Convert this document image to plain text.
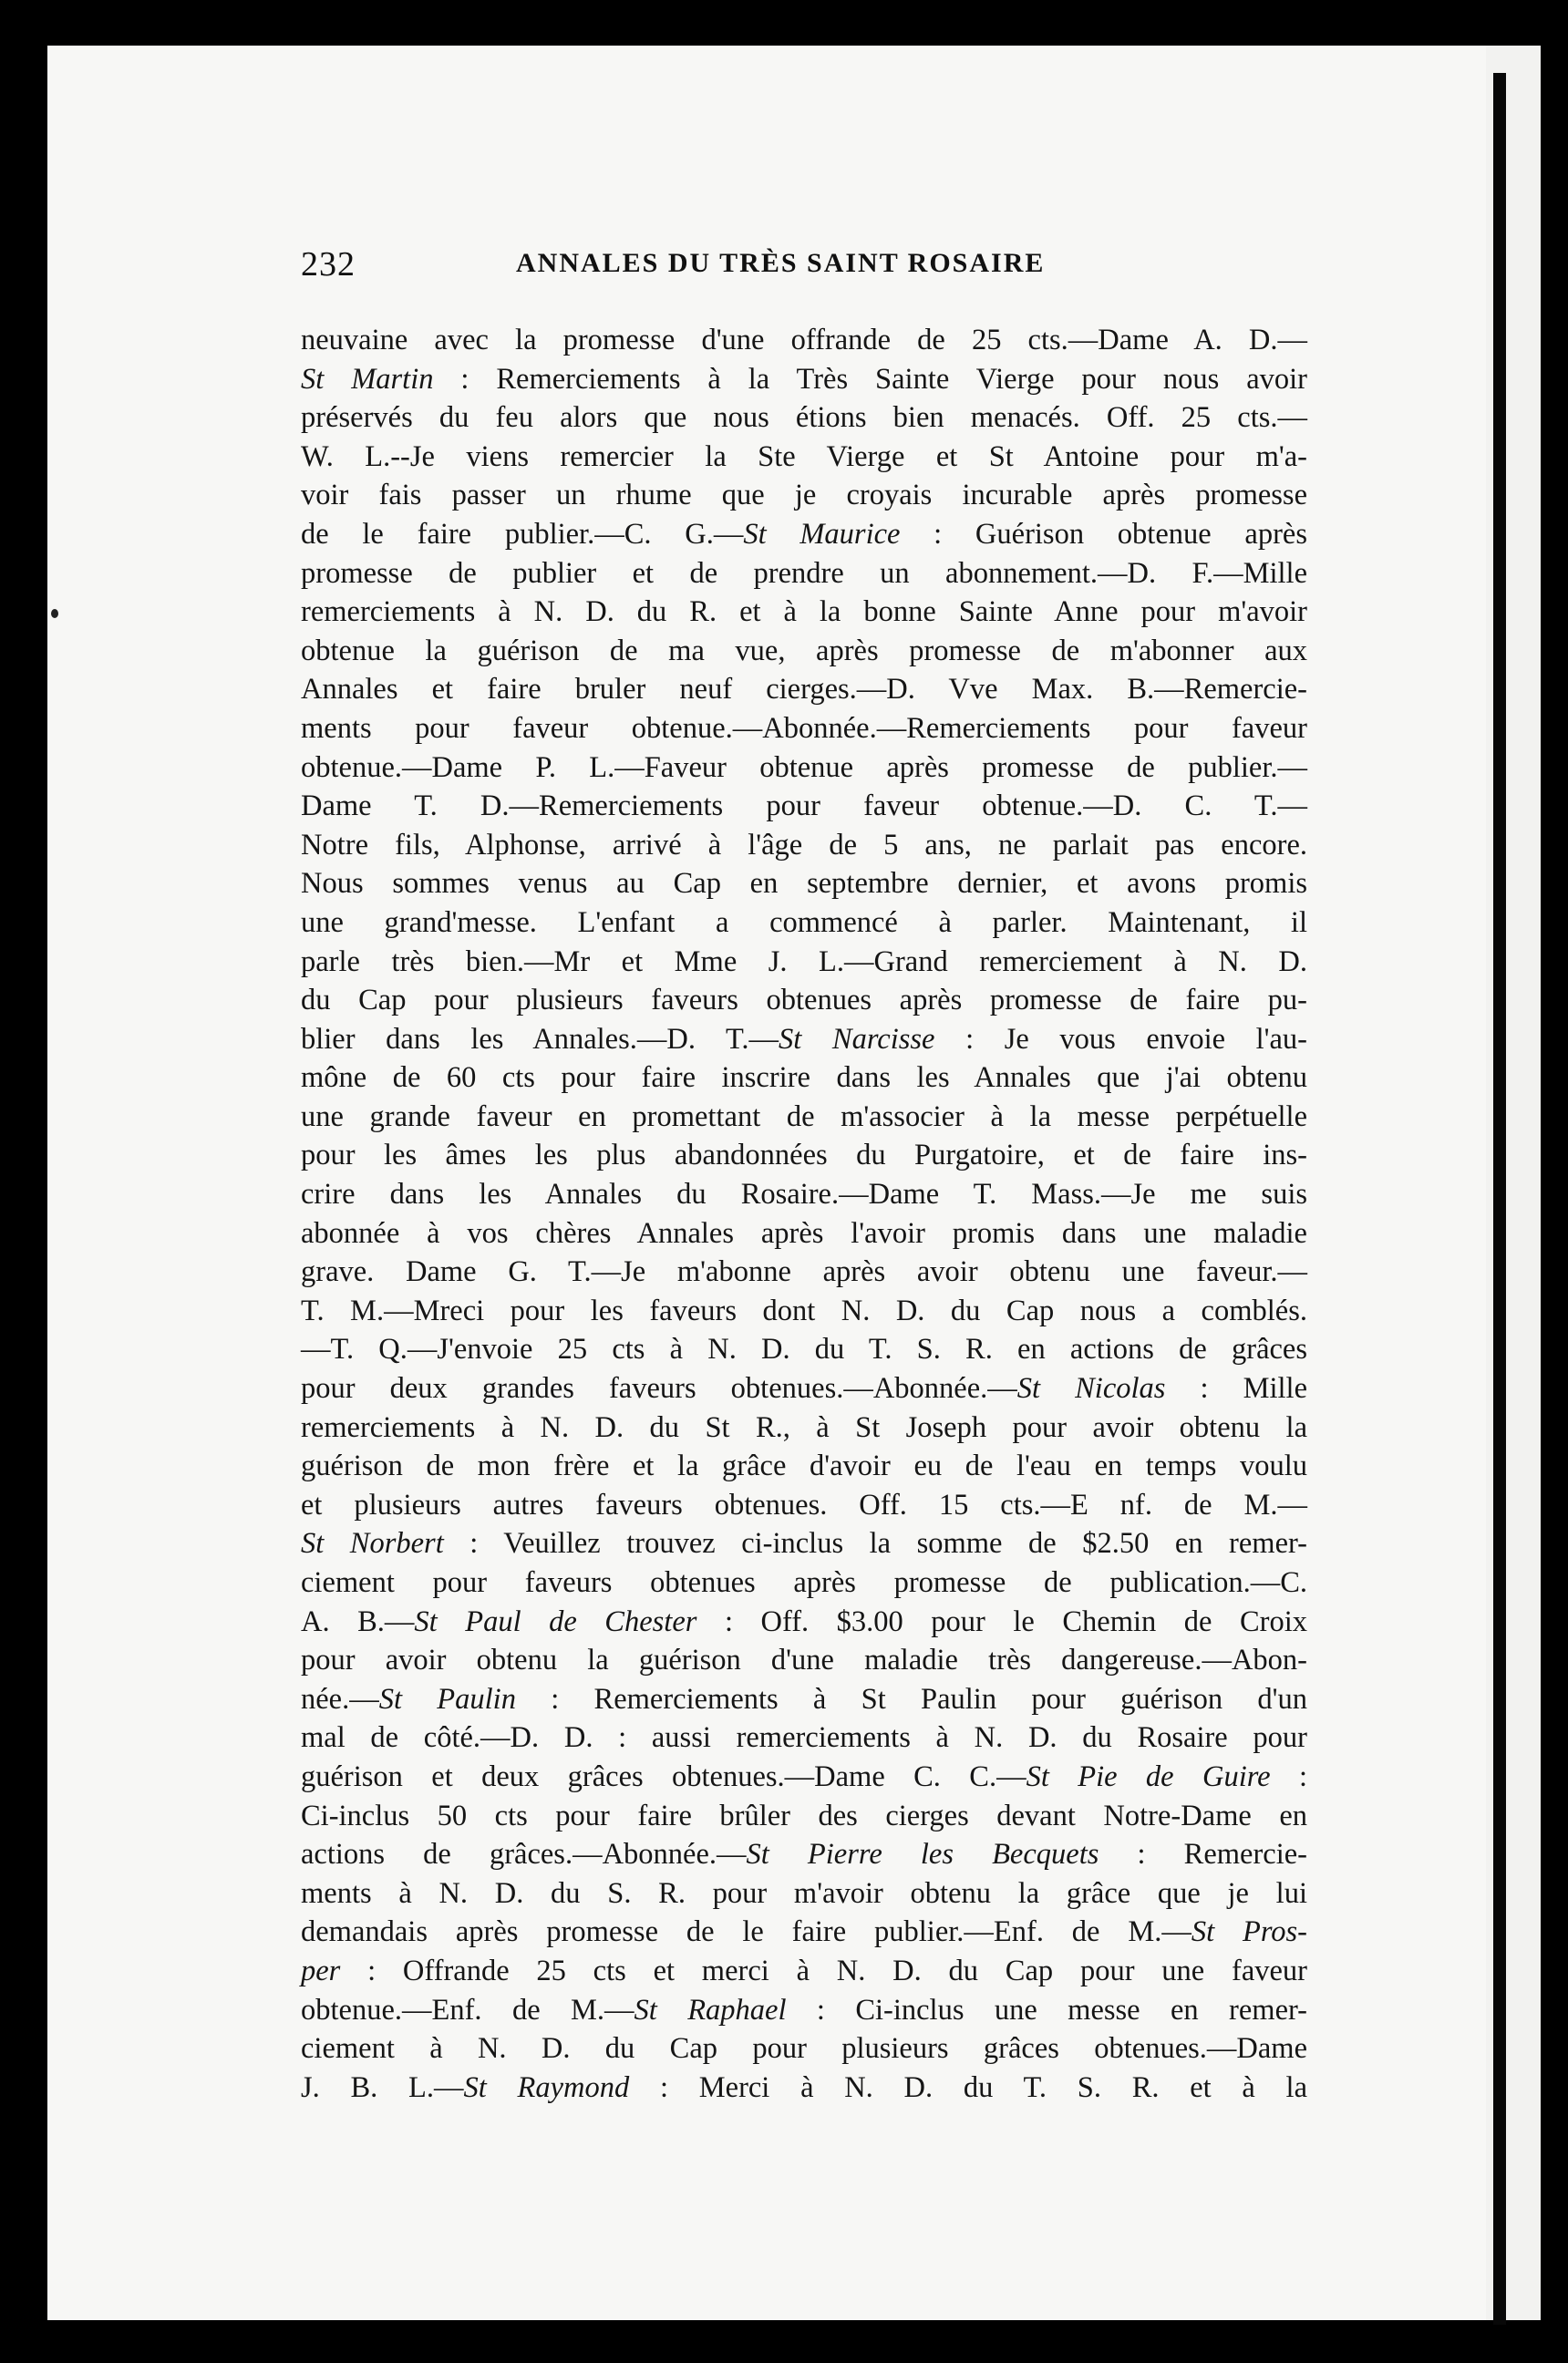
232	ANNALES DU TRÈS SAINT ROSAIRE
neuvaine avec la promesse d'une offrande de 25 cts.—Dame A. D.—
St Martin : Remerciements à la Très Sainte Vierge pour nous avoir
préservés du feu alors que nous étions bien menacés. Off. 25 cts.—
W. L.--Je viens remercier la Ste Vierge et St Antoine pour m'a-
voir fais passer un rhume que je croyais incurable après promesse
de le faire publier.—C. G.—St Maurice : Guérison obtenue après
promesse de publier et de prendre un abonnement.—D. F.—Mille
remerciements à N. D. du R. et à la bonne Sainte Anne pour m'avoir
obtenue la guérison de ma vue, après promesse de m'abonner aux
Annales et faire bruler neuf cierges.—D. Vve Max. B.—Remercie-
ments pour faveur obtenue.—Abonnée.—Remerciements pour faveur
obtenue.—Dame P. L.—Faveur obtenue après promesse de publier.—
Dame T. D.—Remerciements pour faveur obtenue.—D. C. T.—
Notre fils, Alphonse, arrivé à l'âge de 5 ans, ne parlait pas encore.
Nous sommes venus au Cap en septembre dernier, et avons promis
une grand'messe. L'enfant a commencé à parler. Maintenant, il
parle très bien.—Mr et Mme J. L.—Grand remerciement à N. D.
du Cap pour plusieurs faveurs obtenues après promesse de faire pu-
blier dans les Annales.—D. T.—St Narcisse : Je vous envoie l'au-
mône de 60 cts pour faire inscrire dans les Annales que j'ai obtenu
une grande faveur en promettant de m'associer à la messe perpétuelle
pour les âmes les plus abandonnées du Purgatoire, et de faire ins-
crire dans les Annales du Rosaire.—Dame T. Mass.—Je me suis
abonnée à vos chères Annales après l'avoir promis dans une maladie
grave. Dame G. T.—Je m'abonne après avoir obtenu une faveur.—
T. M.—Mreci pour les faveurs dont N. D. du Cap nous a comblés.
—T. Q.—J'envoie 25 cts à N. D. du T. S. R. en actions de grâces
pour deux grandes faveurs obtenues.—Abonnée.—St Nicolas : Mille
remerciements à N. D. du St R., à St Joseph pour avoir obtenu la
guérison de mon frère et la grâce d'avoir eu de l'eau en temps voulu
et plusieurs autres faveurs obtenues. Off. 15 cts.—E nf. de M.—
St Norbert : Veuillez trouvez ci-inclus la somme de $2.50 en remer-
ciement pour faveurs obtenues après promesse de publication.—C.
A. B.—St Paul de Chester : Off. $3.00 pour le Chemin de Croix
pour avoir obtenu la guérison d'une maladie très dangereuse.—Abon-
née.—St Paulin : Remerciements à St Paulin pour guérison d'un
mal de côté.—D. D. : aussi remerciements à N. D. du Rosaire pour
guérison et deux grâces obtenues.—Dame C. C.—St Pie de Guire :
Ci-inclus 50 cts pour faire brûler des cierges devant Notre-Dame en
actions de grâces.—Abonnée.—St Pierre les Becquets : Remercie-
ments à N. D. du S. R. pour m'avoir obtenu la grâce que je lui
demandais après promesse de le faire publier.—Enf. de M.—St Pros-
per : Offrande 25 cts et merci à N. D. du Cap pour une faveur
obtenue.—Enf. de M.—St Raphael : Ci-inclus une messe en remer-
ciement à N. D. du Cap pour plusieurs grâces obtenues.—Dame
J. B. L.—St Raymond : Merci à N. D. du T. S. R. et à la
